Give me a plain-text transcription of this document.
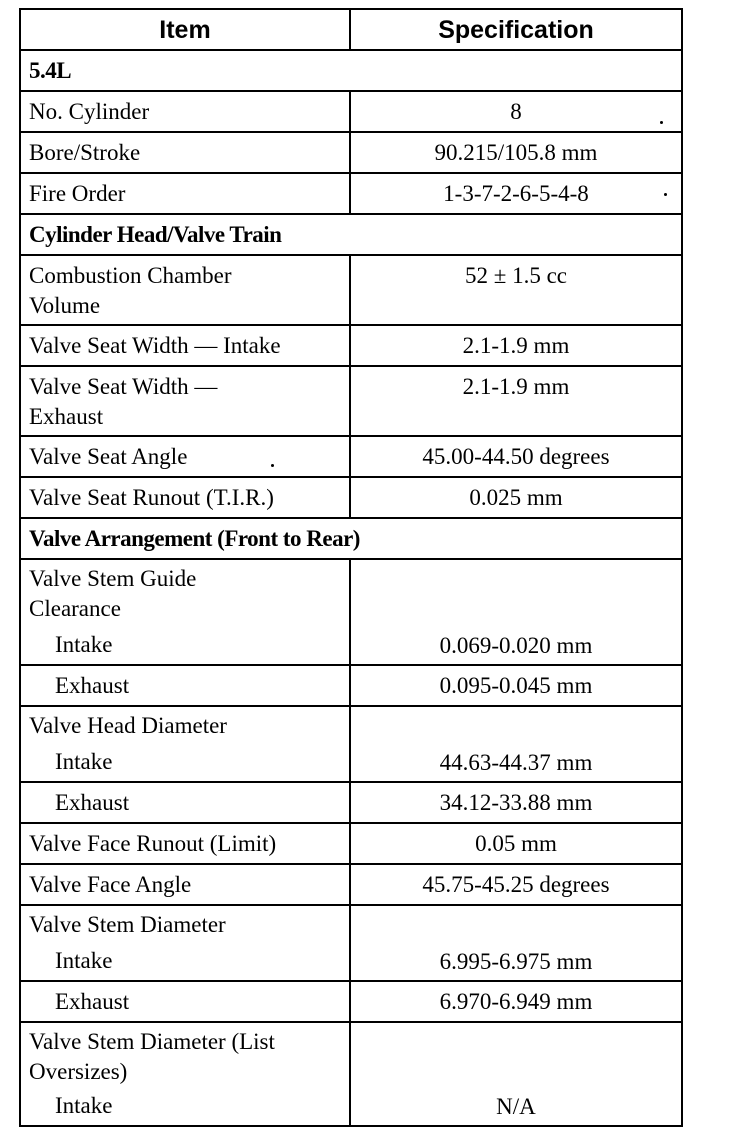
Item	Specification
5.4L	
No. Cylinder	8
Bore/Stroke	90.215/105.8 mm
Fire Order	1-3-7-2-6-5-4-8
Cylinder Head/Valve Train	

Combustion Chamber
Volume	52 ± 1.5 cc
Valve Seat Width — Intake	2.1-1.9 mm

Valve Seat Width —
Exhaust	2.1-1.9 mm
Valve Seat Angle	45.00-44.50 degrees
Valve Seat Runout (T.I.R.)	0.025 mm
Valve Arrangement (Front to Rear)	

Valve Stem Guide
Clearance
Intake	0.069-0.020 mm

Exhaust	0.095-0.045 mm

Valve Head Diameter
Intake	44.63-44.37 mm

Exhaust	34.12-33.88 mm
Valve Face Runout (Limit)	0.05 mm
Valve Face Angle	45.75-45.25 degrees

Valve Stem Diameter
Intake	6.995-6.975 mm

Exhaust	6.970-6.949 mm

Valve Stem Diameter (List
Oversizes)
Intake	N/A
